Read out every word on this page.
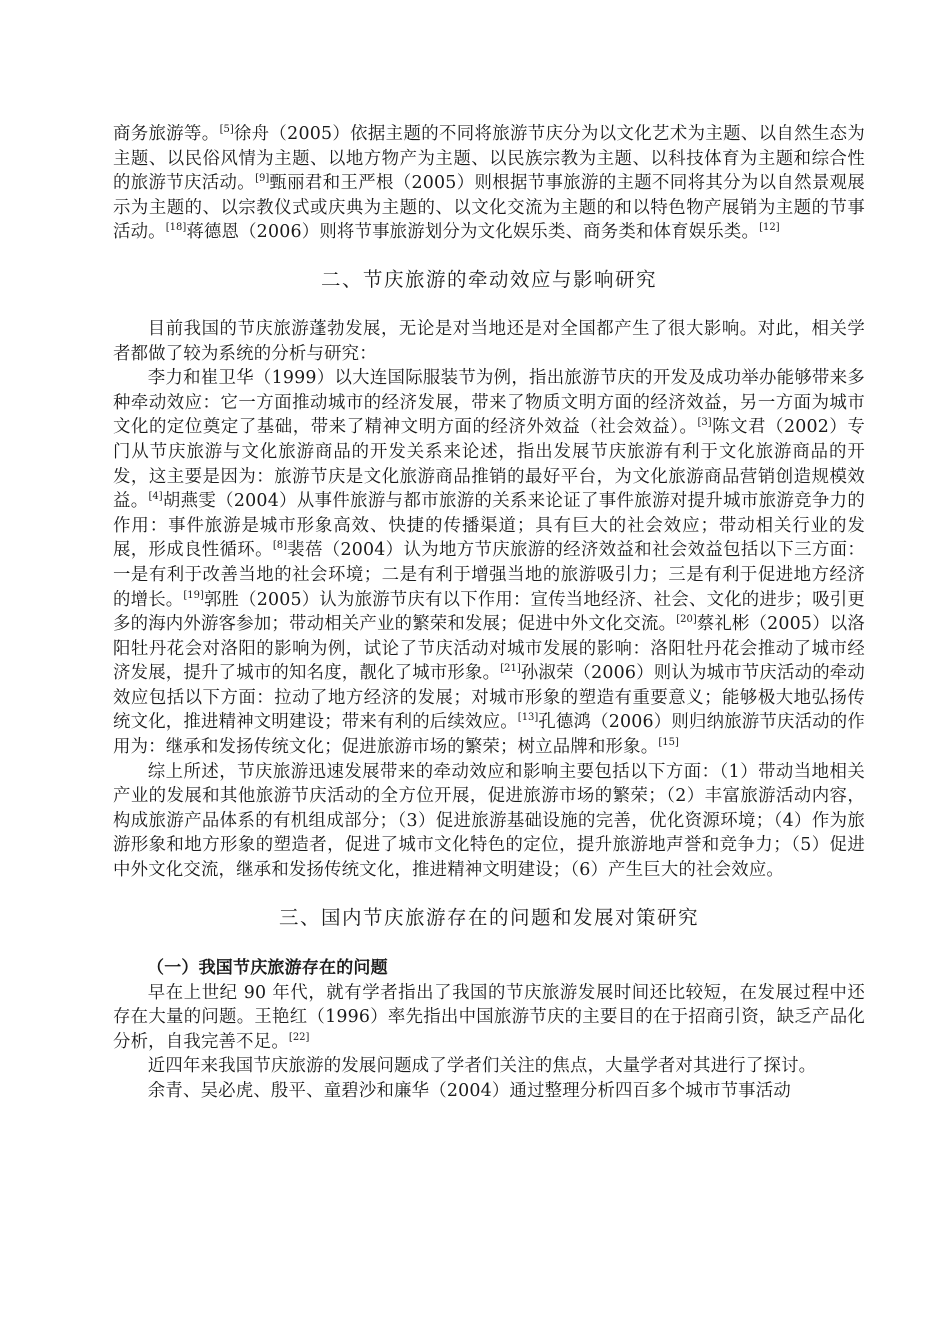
商务旅游等。[5]徐舟（2005）依据主题的不同将旅游节庆分为以文化艺术为主题、以自然生态为主题、以民俗风情为主题、以地方物产为主题、以民族宗教为主题、以科技体育为主题和综合性的旅游节庆活动。[9]甄丽君和王严根（2005）则根据节事旅游的主题不同将其分为以自然景观展示为主题的、以宗教仪式或庆典为主题的、以文化交流为主题的和以特色物产展销为主题的节事活动。[18]蒋德恩（2006）则将节事旅游划分为文化娱乐类、商务类和体育娱乐类。[12]

二、节庆旅游的牵动效应与影响研究

目前我国的节庆旅游蓬勃发展，无论是对当地还是对全国都产生了很大影响。对此，相关学者都做了较为系统的分析与研究：

李力和崔卫华（1999）以大连国际服装节为例，指出旅游节庆的开发及成功举办能够带来多种牵动效应：它一方面推动城市的经济发展，带来了物质文明方面的经济效益，另一方面为城市文化的定位奠定了基础，带来了精神文明方面的经济外效益（社会效益）。[3]陈文君（2002）专门从节庆旅游与文化旅游商品的开发关系来论述，指出发展节庆旅游有利于文化旅游商品的开发，这主要是因为：旅游节庆是文化旅游商品推销的最好平台，为文化旅游商品营销创造规模效益。[4]胡燕雯（2004）从事件旅游与都市旅游的关系来论证了事件旅游对提升城市旅游竞争力的作用：事件旅游是城市形象高效、快捷的传播渠道；具有巨大的社会效应；带动相关行业的发展，形成良性循环。[8]裴蓓（2004）认为地方节庆旅游的经济效益和社会效益包括以下三方面：一是有利于改善当地的社会环境；二是有利于增强当地的旅游吸引力；三是有利于促进地方经济的增长。[19]郭胜（2005）认为旅游节庆有以下作用：宣传当地经济、社会、文化的进步；吸引更多的海内外游客参加；带动相关产业的繁荣和发展；促进中外文化交流。[20]蔡礼彬（2005）以洛阳牡丹花会对洛阳的影响为例，试论了节庆活动对城市发展的影响：洛阳牡丹花会推动了城市经济发展，提升了城市的知名度，靓化了城市形象。[21]孙淑荣（2006）则认为城市节庆活动的牵动效应包括以下方面：拉动了地方经济的发展；对城市形象的塑造有重要意义；能够极大地弘扬传统文化，推进精神文明建设；带来有利的后续效应。[13]孔德鸿（2006）则归纳旅游节庆活动的作用为：继承和发扬传统文化；促进旅游市场的繁荣；树立品牌和形象。[15]

综上所述，节庆旅游迅速发展带来的牵动效应和影响主要包括以下方面：（1）带动当地相关产业的发展和其他旅游节庆活动的全方位开展，促进旅游市场的繁荣；（2）丰富旅游活动内容，构成旅游产品体系的有机组成部分；（3）促进旅游基础设施的完善，优化资源环境；（4）作为旅游形象和地方形象的塑造者，促进了城市文化特色的定位，提升旅游地声誉和竞争力；（5）促进中外文化交流，继承和发扬传统文化，推进精神文明建设；（6）产生巨大的社会效应。

三、国内节庆旅游存在的问题和发展对策研究
（一）我国节庆旅游存在的问题

早在上世纪 90 年代，就有学者指出了我国的节庆旅游发展时间还比较短，在发展过程中还存在大量的问题。王艳红（1996）率先指出中国旅游节庆的主要目的在于招商引资，缺乏产品化分析，自我完善不足。[22]

近四年来我国节庆旅游的发展问题成了学者们关注的焦点，大量学者对其进行了探讨。

余青、吴必虎、殷平、童碧沙和廉华（2004）通过整理分析四百多个城市节事活动
